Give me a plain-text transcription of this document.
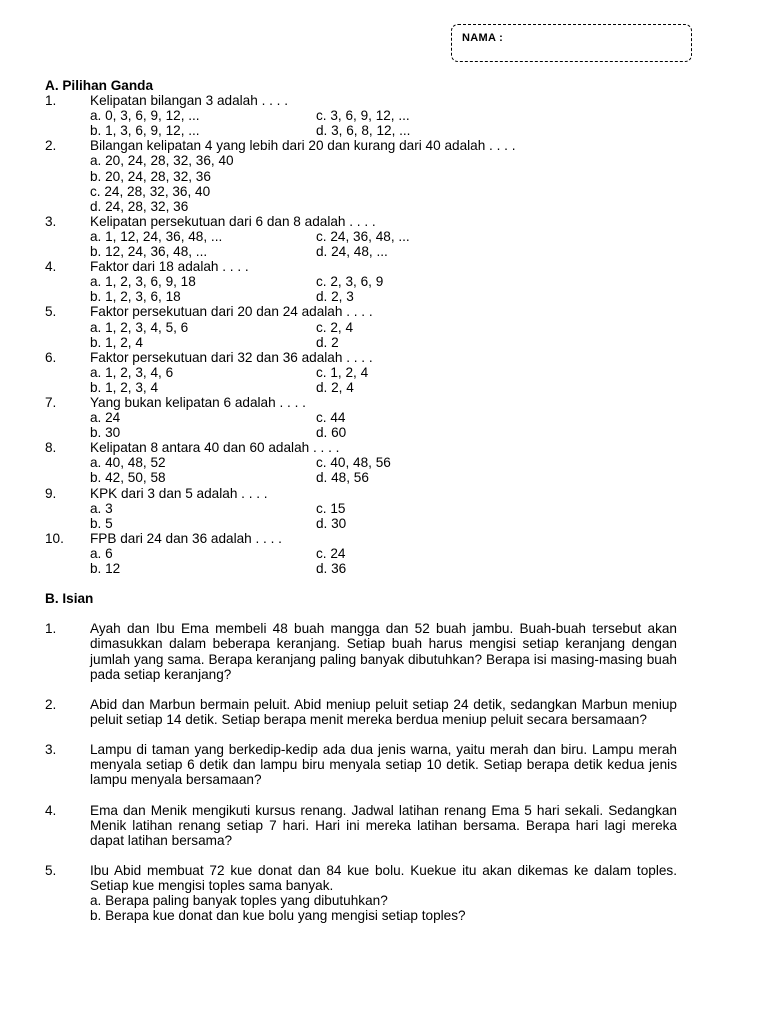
NAMA :
A. Pilihan Ganda
1.	Kelipatan bilangan 3 adalah . . . .
a. 0, 3, 6, 9, 12, ...	c. 3, 6, 9, 12, ...
b. 1, 3, 6, 9, 12, ...	d. 3, 6, 8, 12, ...
2.	Bilangan kelipatan 4 yang lebih dari 20 dan kurang dari 40 adalah . . . .
a. 20, 24, 28, 32, 36, 40
b. 20, 24, 28, 32, 36
c. 24, 28, 32, 36, 40
d. 24, 28, 32, 36
3.	Kelipatan persekutuan dari 6 dan 8 adalah . . . .
a. 1, 12, 24, 36, 48, ...	c. 24, 36, 48, ...
b. 12, 24, 36, 48, ...	d. 24, 48, ...
4.	Faktor dari 18 adalah . . . .
a. 1, 2, 3, 6, 9, 18	c. 2, 3, 6, 9
b. 1, 2, 3, 6, 18	d. 2, 3
5.	Faktor persekutuan dari 20 dan 24 adalah . . . .
a. 1, 2, 3, 4, 5, 6	c. 2, 4
b. 1, 2, 4	d. 2
6.	Faktor persekutuan dari 32 dan 36 adalah . . . .
a. 1, 2, 3, 4, 6	c. 1, 2, 4
b. 1, 2, 3, 4	d. 2, 4
7.	Yang bukan kelipatan 6 adalah . . . .
a. 24	c. 44
b. 30	d. 60
8.	Kelipatan 8 antara 40 dan 60 adalah . . . .
a. 40, 48, 52	c. 40, 48, 56
b. 42, 50, 58	d. 48, 56
9.	KPK dari 3 dan 5 adalah . . . .
a. 3	c. 15
b. 5	d. 30
10.	FPB dari 24 dan 36 adalah . . . .
a. 6	c. 24
b. 12	d. 36
B. Isian
1.	Ayah dan Ibu Ema membeli 48 buah mangga dan 52 buah jambu. Buah-buah tersebut akan dimasukkan dalam beberapa keranjang. Setiap buah harus mengisi setiap keranjang dengan jumlah yang sama. Berapa keranjang paling banyak dibutuhkan? Berapa isi masing-masing buah pada setiap keranjang?
2.	Abid dan Marbun bermain peluit. Abid meniup peluit setiap 24 detik, sedangkan Marbun meniup peluit setiap 14 detik. Setiap berapa menit mereka berdua meniup peluit secara bersamaan?
3.	Lampu di taman yang berkedip-kedip ada dua jenis warna, yaitu merah dan biru. Lampu merah menyala setiap 6 detik dan lampu biru menyala setiap 10 detik. Setiap berapa detik kedua jenis lampu menyala bersamaan?
4.	Ema dan Menik mengikuti kursus renang. Jadwal latihan renang Ema 5 hari sekali. Sedangkan Menik latihan renang setiap 7 hari. Hari ini mereka latihan bersama. Berapa hari lagi mereka dapat latihan bersama?
5.	Ibu Abid membuat 72 kue donat dan 84 kue bolu. Kuekue itu akan dikemas ke dalam toples. Setiap kue mengisi toples sama banyak.
a. Berapa paling banyak toples yang dibutuhkan?
b. Berapa kue donat dan kue bolu yang mengisi setiap toples?
